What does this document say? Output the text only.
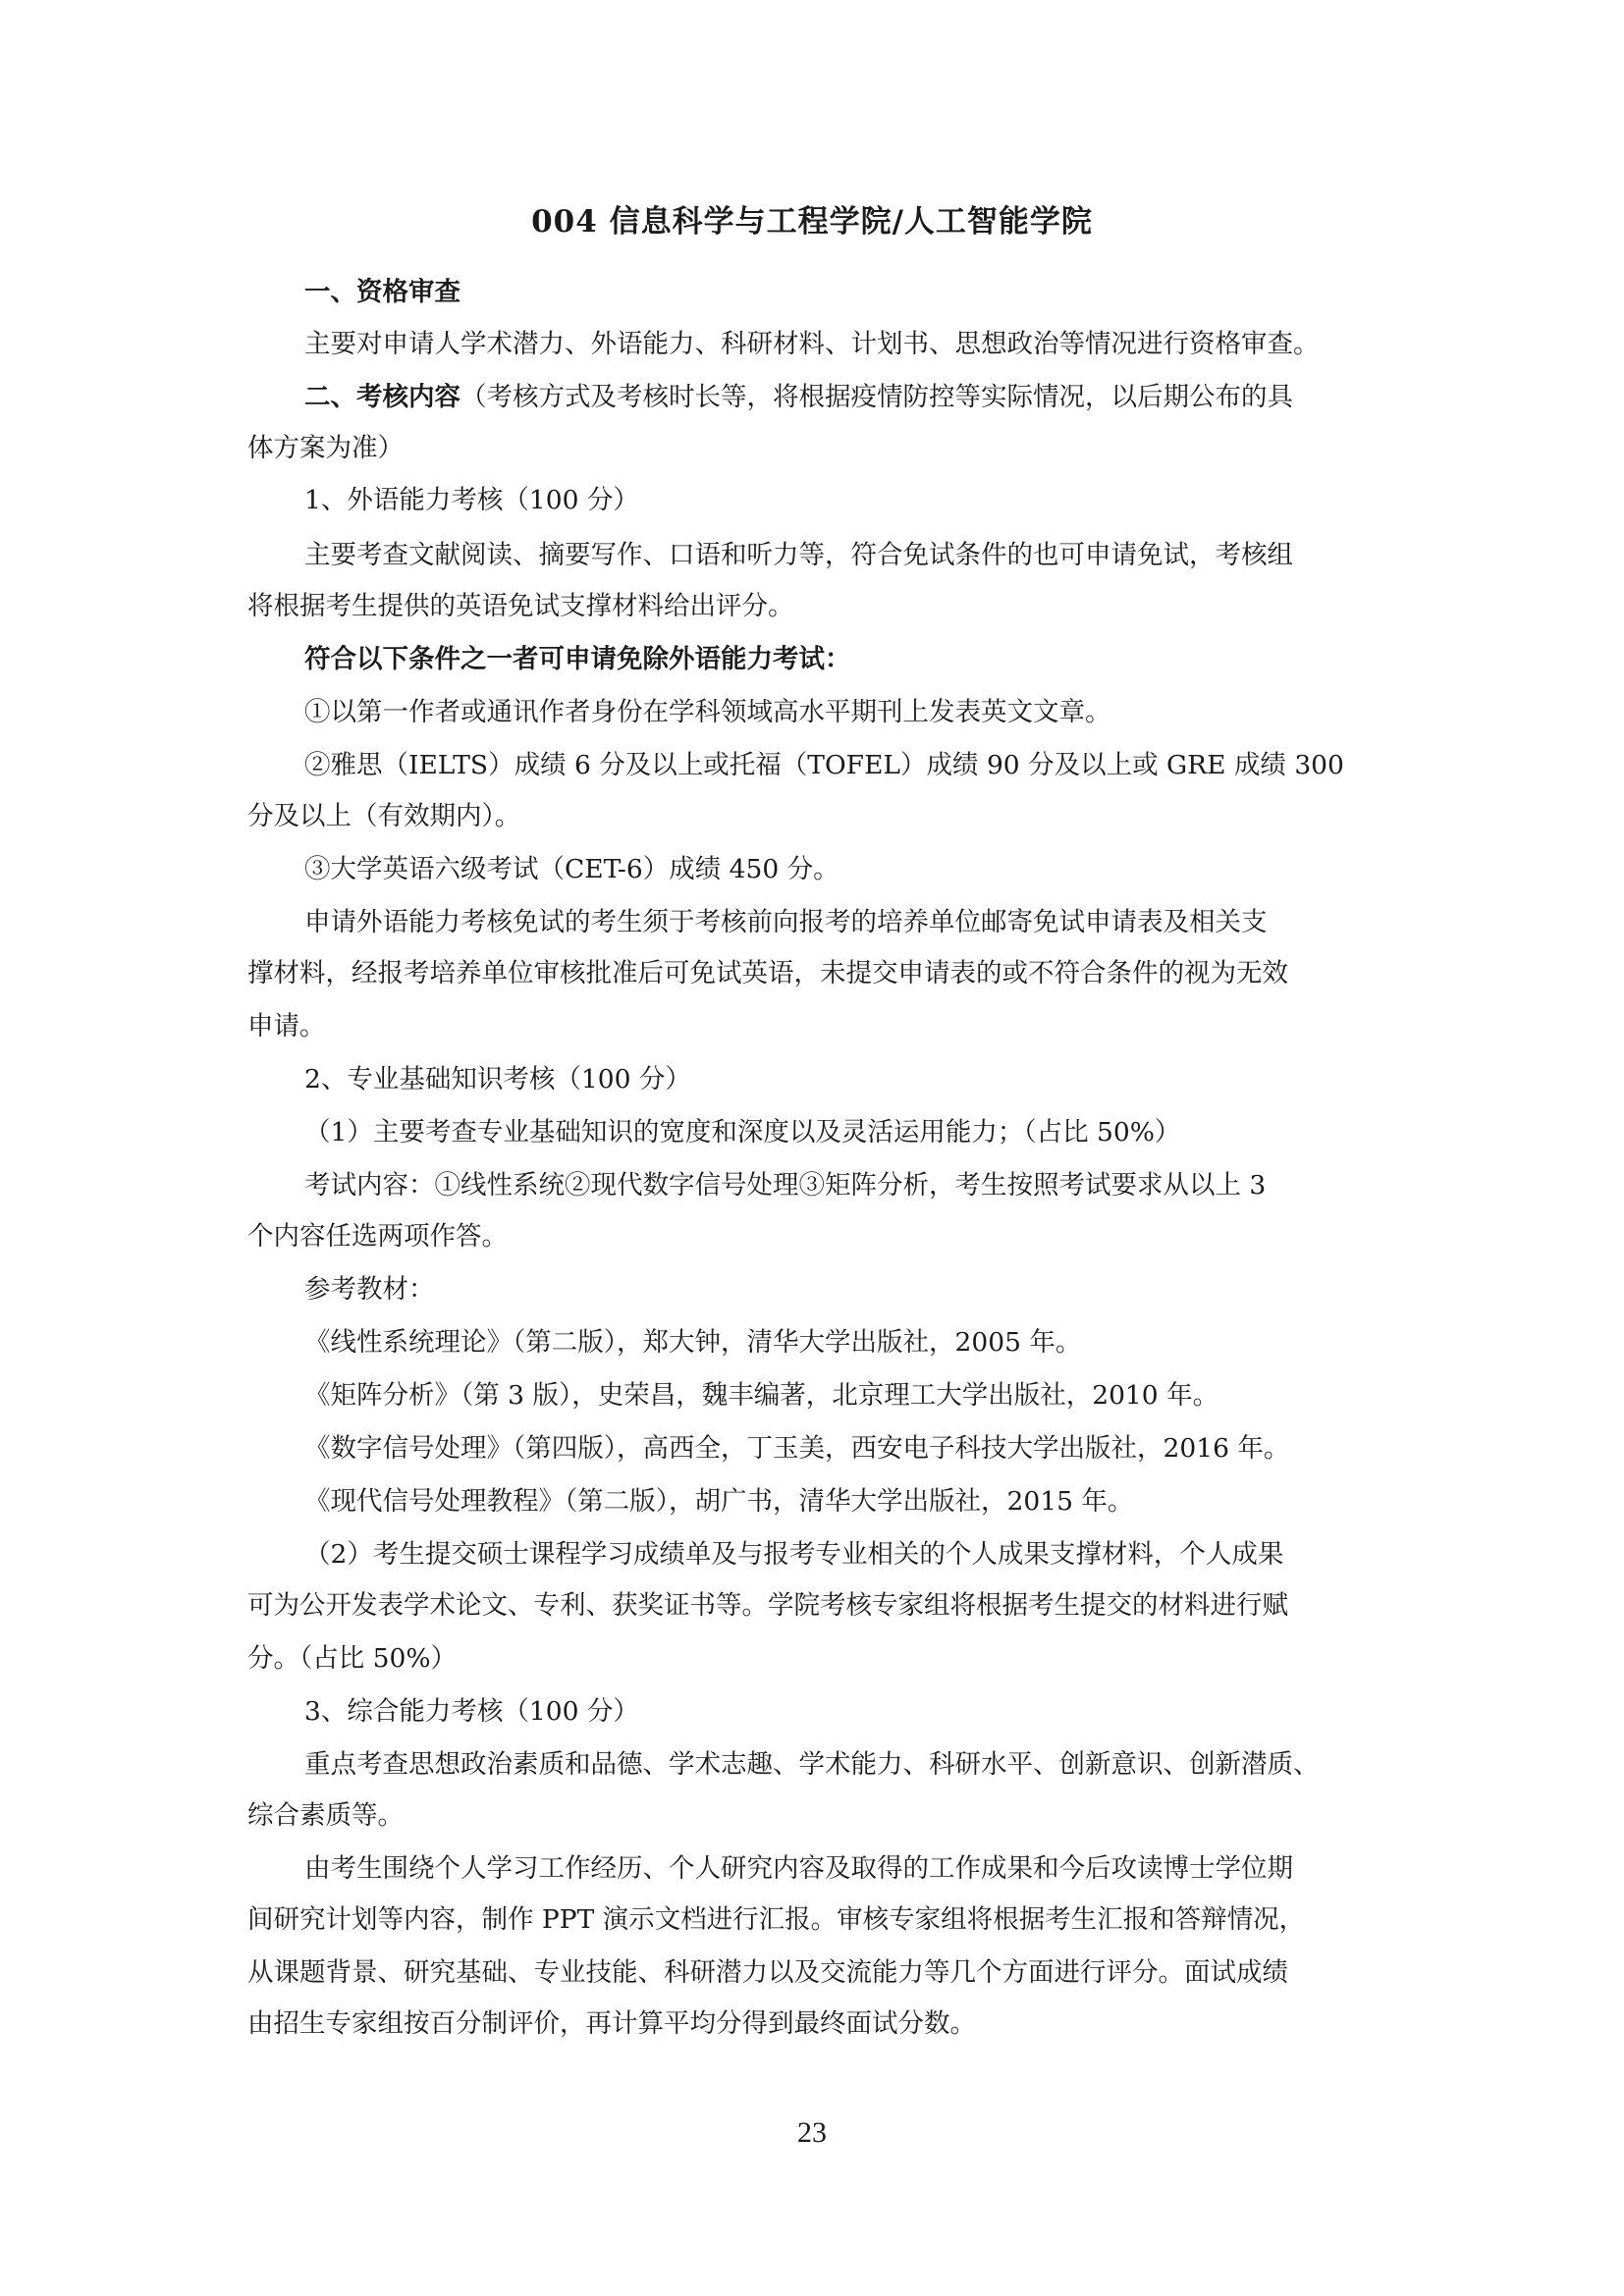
004 信息科学与工程学院/人工智能学院
一、资格审查
主要对申请人学术潜力、外语能力、科研材料、计划书、思想政治等情况进行资格审查。
二、考核内容（考核方式及考核时长等，将根据疫情防控等实际情况，以后期公布的具
体方案为准）
1、外语能力考核（100 分）
主要考查文献阅读、摘要写作、口语和听力等，符合免试条件的也可申请免试，考核组
将根据考生提供的英语免试支撑材料给出评分。
符合以下条件之一者可申请免除外语能力考试：
①以第一作者或通讯作者身份在学科领域高水平期刊上发表英文文章。
②雅思（IELTS）成绩 6 分及以上或托福（TOFEL）成绩 90 分及以上或 GRE 成绩 300
分及以上（有效期内）。
③大学英语六级考试（CET-6）成绩 450 分。
申请外语能力考核免试的考生须于考核前向报考的培养单位邮寄免试申请表及相关支
撑材料，经报考培养单位审核批准后可免试英语，未提交申请表的或不符合条件的视为无效
申请。
2、专业基础知识考核（100 分）
（1）主要考查专业基础知识的宽度和深度以及灵活运用能力；（占比 50%）
考试内容：①线性系统②现代数字信号处理③矩阵分析，考生按照考试要求从以上 3
个内容任选两项作答。
参考教材：
《线性系统理论》（第二版），郑大钟，清华大学出版社，2005 年。
《矩阵分析》（第 3 版），史荣昌，魏丰编著，北京理工大学出版社，2010 年。
《数字信号处理》（第四版），高西全，丁玉美，西安电子科技大学出版社，2016 年。
《现代信号处理教程》（第二版），胡广书，清华大学出版社，2015 年。
（2）考生提交硕士课程学习成绩单及与报考专业相关的个人成果支撑材料，个人成果
可为公开发表学术论文、专利、获奖证书等。学院考核专家组将根据考生提交的材料进行赋
分。（占比 50%）
3、综合能力考核（100 分）
重点考查思想政治素质和品德、学术志趣、学术能力、科研水平、创新意识、创新潜质、
综合素质等。
由考生围绕个人学习工作经历、个人研究内容及取得的工作成果和今后攻读博士学位期
间研究计划等内容，制作 PPT 演示文档进行汇报。审核专家组将根据考生汇报和答辩情况，
从课题背景、研究基础、专业技能、科研潜力以及交流能力等几个方面进行评分。面试成绩
由招生专家组按百分制评价，再计算平均分得到最终面试分数。
23
